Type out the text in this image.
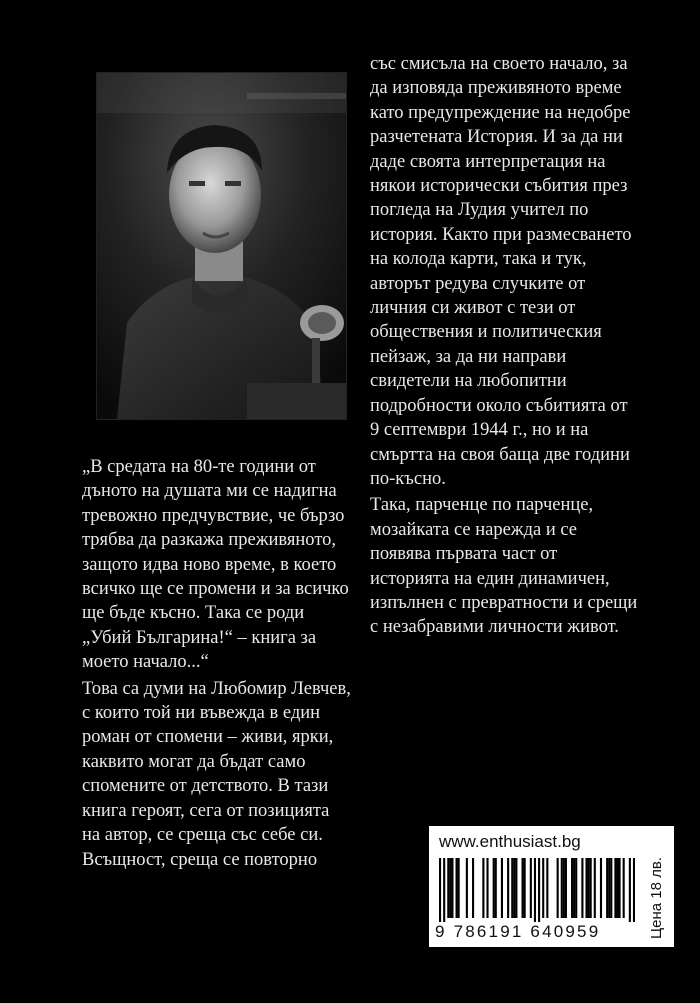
„В средата на 80-те години от дъното на душата ми се надигна тревожно предчувствие, че бързо трябва да разкажа преживяното, защото идва ново време, в което всичко ще се промени и за всичко ще бъде късно. Така се роди „Убий Българина!“ – книга за моето начало...“

Това са думи на Любомир Левчев, с които той ни въвежда в един роман от спомени – живи, ярки, каквито могат да бъдат само спомените от детството. В тази книга героят, сега от позицията на автор, се среща със себе си. Всъщност, среща се повторно

със смисъла на своето начало, за да изповяда преживяното време като предупреждение на недобре разчетената История. И за да ни даде своята интерпретация на някои исторически събития през погледа на Лудия учител по история. Както при размесването на колода карти, така и тук, авторът редува случките от личния си живот с тези от обществения и политическия пейзаж, за да ни направи свидетели на любопитни подробности около събитията от 9 септември 1944 г., но и на смъртта на своя баща две години по-късно.

Така, парченце по парченце, мозайката се нарежда и се появява първата част от историята на един динамичен, изпълнен с превратности и срещи с незабравими личности живот.

www.enthusiast.bg
9 786191 640959	Цена 18 лв.
